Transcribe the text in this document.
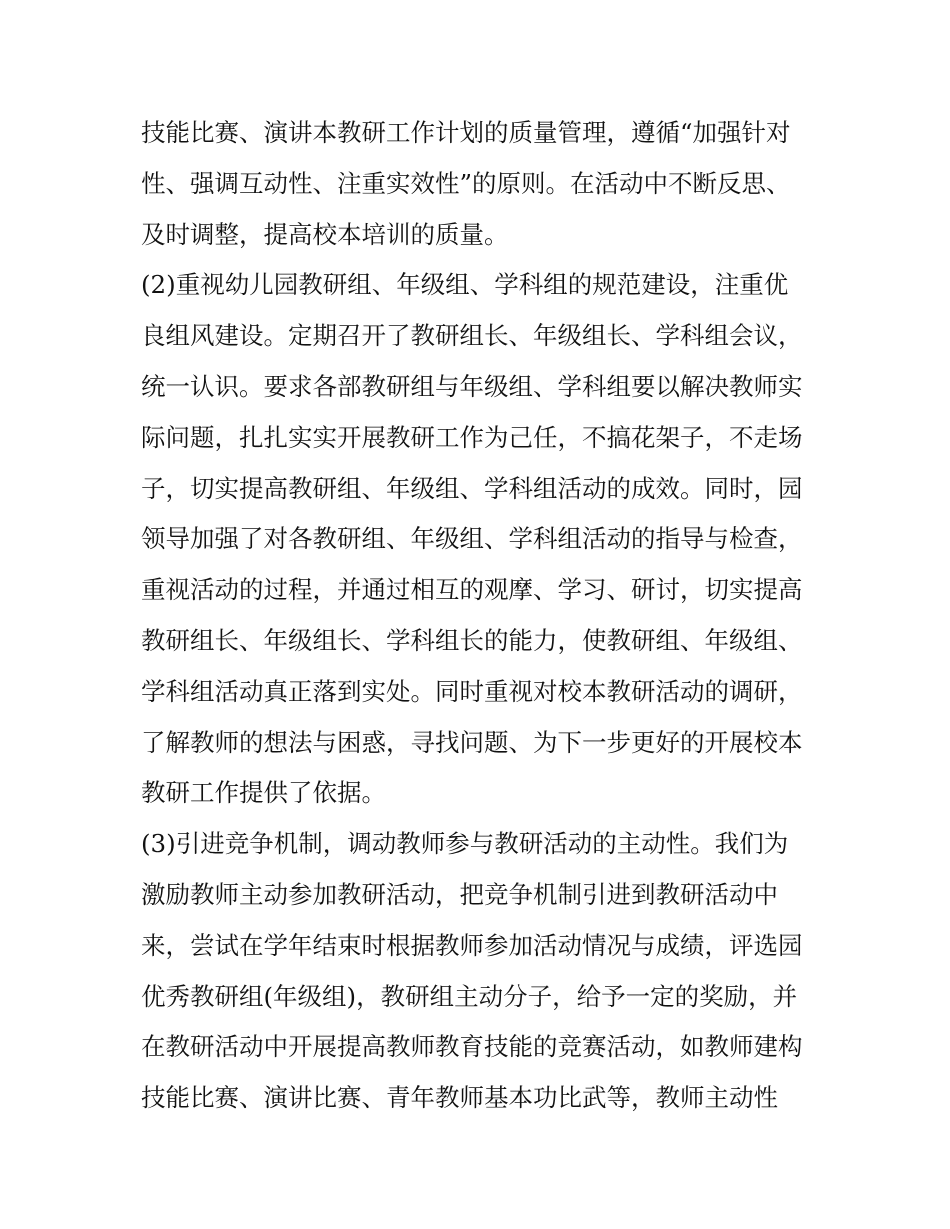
技能比赛、演讲本教研工作计划的质量管理，遵循“加强针对
性、强调互动性、注重实效性”的原则。在活动中不断反思、
及时调整，提高校本培训的质量。
(2)重视幼儿园教研组、年级组、学科组的规范建设，注重优
良组风建设。定期召开了教研组长、年级组长、学科组会议，
统一认识。要求各部教研组与年级组、学科组要以解决教师实
际问题，扎扎实实开展教研工作为己任，不搞花架子，不走场
子，切实提高教研组、年级组、学科组活动的成效。同时，园
领导加强了对各教研组、年级组、学科组活动的指导与检查，
重视活动的过程，并通过相互的观摩、学习、研讨，切实提高
教研组长、年级组长、学科组长的能力，使教研组、年级组、
学科组活动真正落到实处。同时重视对校本教研活动的调研，
了解教师的想法与困惑，寻找问题、为下一步更好的开展校本
教研工作提供了依据。
(3)引进竞争机制，调动教师参与教研活动的主动性。我们为
激励教师主动参加教研活动，把竞争机制引进到教研活动中
来，尝试在学年结束时根据教师参加活动情况与成绩，评选园
优秀教研组(年级组)，教研组主动分子，给予一定的奖励，并
在教研活动中开展提高教师教育技能的竞赛活动，如教师建构
技能比赛、演讲比赛、青年教师基本功比武等，教师主动性
